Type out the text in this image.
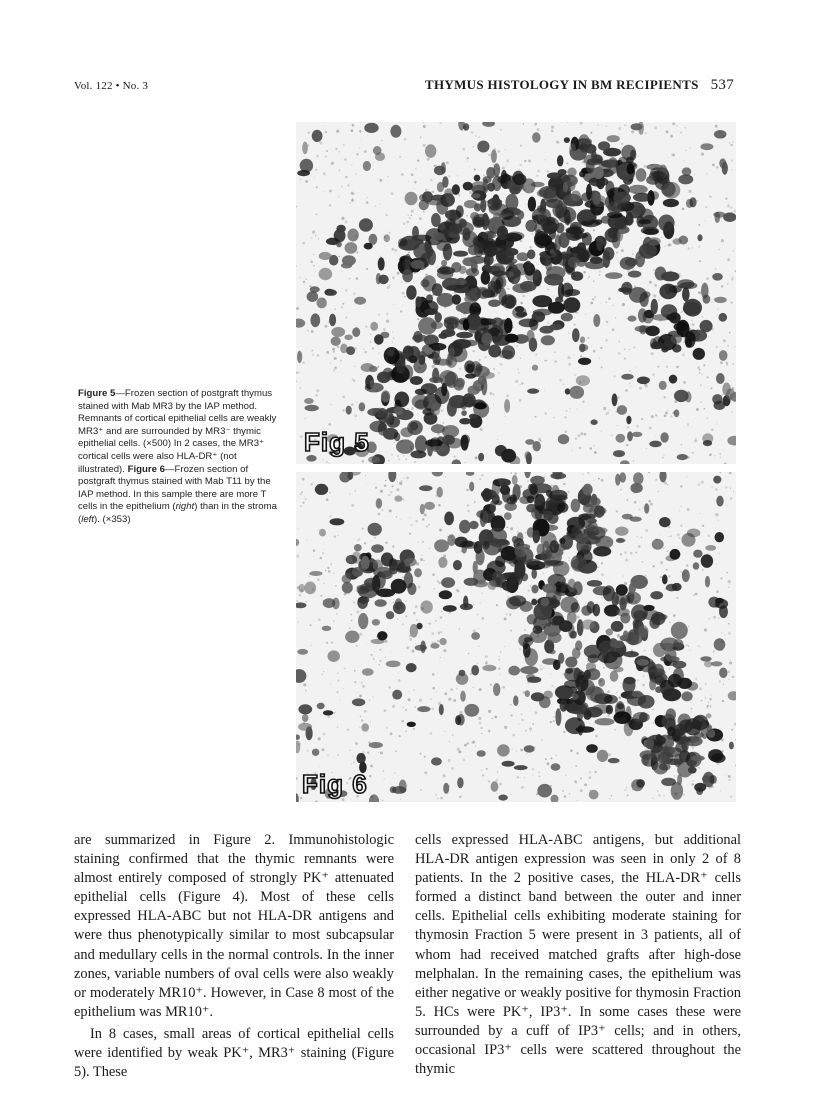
Vol. 122 • No. 3	THYMUS HISTOLOGY IN BM RECIPIENTS 537
Figure 5—Frozen section of postgraft thymus stained with Mab MR3 by the IAP method. Remnants of cortical epithelial cells are weakly MR3⁺ and are surrounded by MR3⁻ thymic epithelial cells. (×500) In 2 cases, the MR3⁺ cortical cells were also HLA-DR⁺ (not illustrated). Figure 6—Frozen section of postgraft thymus stained with Mab T11 by the IAP method. In this sample there are more T cells in the epithelium (right) than in the stroma (left). (×353)
Fig 5
Fig 6

are summarized in Figure 2. Immunohistologic staining confirmed that the thymic remnants were almost entirely composed of strongly PK⁺ attenuated epithelial cells (Figure 4). Most of these cells expressed HLA-ABC but not HLA-DR antigens and were thus phenotypically similar to most subcapsular and medullary cells in the normal controls. In the inner zones, variable numbers of oval cells were also weakly or moderately MR10⁺. However, in Case 8 most of the epithelium was MR10⁺.

In 8 cases, small areas of cortical epithelial cells were identified by weak PK⁺, MR3⁺ staining (Figure 5). These

cells expressed HLA-ABC antigens, but additional HLA-DR antigen expression was seen in only 2 of 8 patients. In the 2 positive cases, the HLA-DR⁺ cells formed a distinct band between the outer and inner cells. Epithelial cells exhibiting moderate staining for thymosin Fraction 5 were present in 3 patients, all of whom had received matched grafts after high-dose melphalan. In the remaining cases, the epithelium was either negative or weakly positive for thymosin Fraction 5. HCs were PK⁺, IP3⁺. In some cases these were surrounded by a cuff of IP3⁺ cells; and in others, occasional IP3⁺ cells were scattered throughout the thymic
